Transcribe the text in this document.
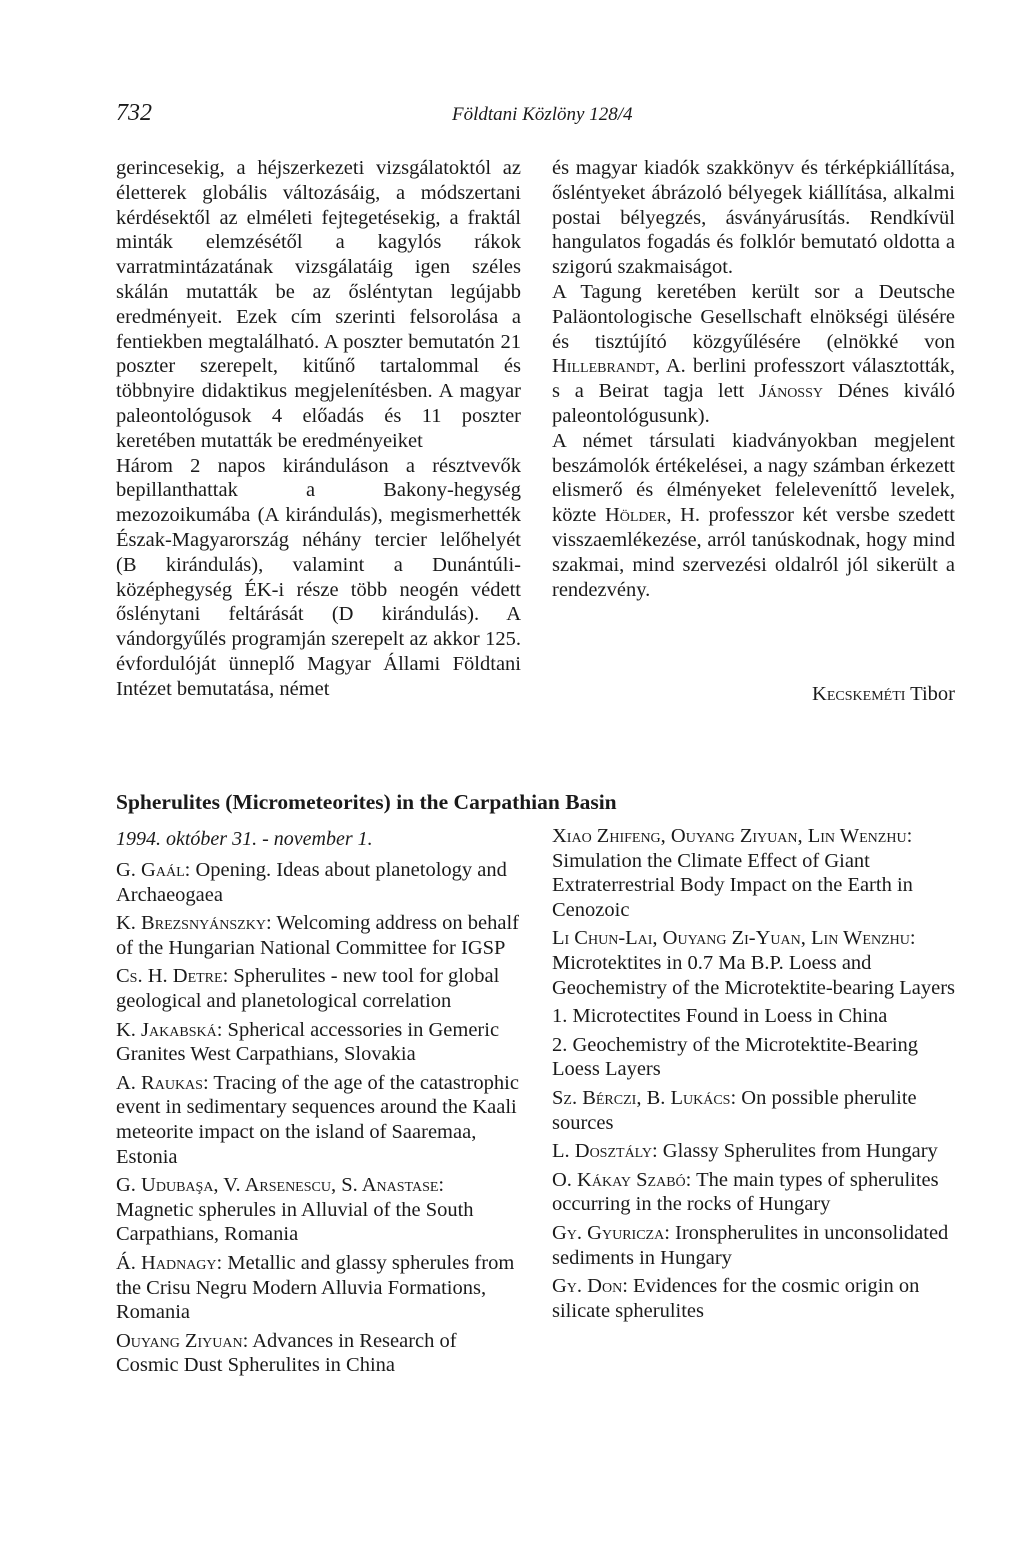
732	Földtani Közlöny 128/4

gerincesekig, a héjszerkezeti vizsgálatoktól az életterek globális változásáig, a módszertani kérdésektől az elméleti fejtegetésekig, a fraktál minták elemzésétől a kagylós rákok varratmintázatának vizsgálatáig igen széles skálán mutatták be az ősléntytan legújabb eredményeit. Ezek cím szerinti felsorolása a fentiekben megtalálható. A poszter bemutatón 21 poszter szerepelt, kitűnő tartalommal és többnyire didaktikus megjelenítésben. A magyar paleontológusok 4 előadás és 11 poszter keretében mutatták be eredményeiket

Három 2 napos kiránduláson a résztvevők bepillanthattak a Bakony-hegység mezozoikumába (A kirándulás), megismerhették Észak-Magyarország néhány tercier lelőhelyét (B kirándulás), valamint a Dunántúli-középhegység ÉK-i része több neogén védett őslénytani feltárását (D kirándulás). A vándorgyűlés programján szerepelt az akkor 125. évfordulóját ünneplő Magyar Állami Földtani Intézet bemutatása, német

és magyar kiadók szakkönyv és térképkiállítása, ősléntyeket ábrázoló bélyegek kiállítása, alkalmi postai bélyegzés, ásványárusítás. Rendkívül hangulatos fogadás és folklór bemutató oldotta a szigorú szakmaiságot.

A Tagung keretében került sor a Deutsche Paläontologische Gesellschaft elnökségi ülésére és tisztújító közgyűlésére (elnökké von Hillebrandt, A. berlini professzort választották, s a Beirat tagja lett Jánossy Dénes kiváló paleontológusunk).

A német társulati kiadványokban megjelent beszámolók értékelései, a nagy számban érkezett elismerő és élményeket feleleveníttő levelek, közte Hölder, H. professzor két versbe szedett visszaemlékezése, arról tanúskodnak, hogy mind szakmai, mind szervezési oldalról jól sikerült a rendezvény.

Kecskeméti Tibor
Spherulites (Micrometeorites) in the Carpathian Basin
1994. október 31. - november 1.
G. Gaál: Opening. Ideas about planetology and Archaeogaea
K. Brezsnyánszky: Welcoming address on behalf of the Hungarian National Committee for IGSP
Cs. H. Detre: Spherulites - new tool for global geological and planetological correlation
K. Jakabská: Spherical accessories in Gemeric Granites West Carpathians, Slovakia
A. Raukas: Tracing of the age of the catastrophic event in sedimentary sequences around the Kaali meteorite impact on the island of Saaremaa, Estonia
G. Udubaşa, V. Arsenescu, S. Anastase: Magnetic spherules in Alluvial of the South Carpathians, Romania
Á. Hadnagy: Metallic and glassy spherules from the Crisu Negru Modern Alluvia Formations, Romania
Ouyang Ziyuan: Advances in Research of Cosmic Dust Spherulites in China
Xiao Zhifeng, Ouyang Ziyuan, Lin Wenzhu: Simulation the Climate Effect of Giant Extraterrestrial Body Impact on the Earth in Cenozoic
Li Chun-Lai, Ouyang Zi-Yuan, Lin Wenzhu: Microtektites in 0.7 Ma B.P. Loess and Geochemistry of the Microtektite-bearing Layers
1. Microtectites Found in Loess in China
2. Geochemistry of the Microtektite-Bearing Loess Layers
Sz. Bérczi, B. Lukács: On possible pherulite sources
L. Dosztály: Glassy Spherulites from Hungary
O. Kákay Szabó: The main types of spherulites occurring in the rocks of Hungary
Gy. Gyuricza: Ironspherulites in unconsolidated sediments in Hungary
Gy. Don: Evidences for the cosmic origin on silicate spherulites
